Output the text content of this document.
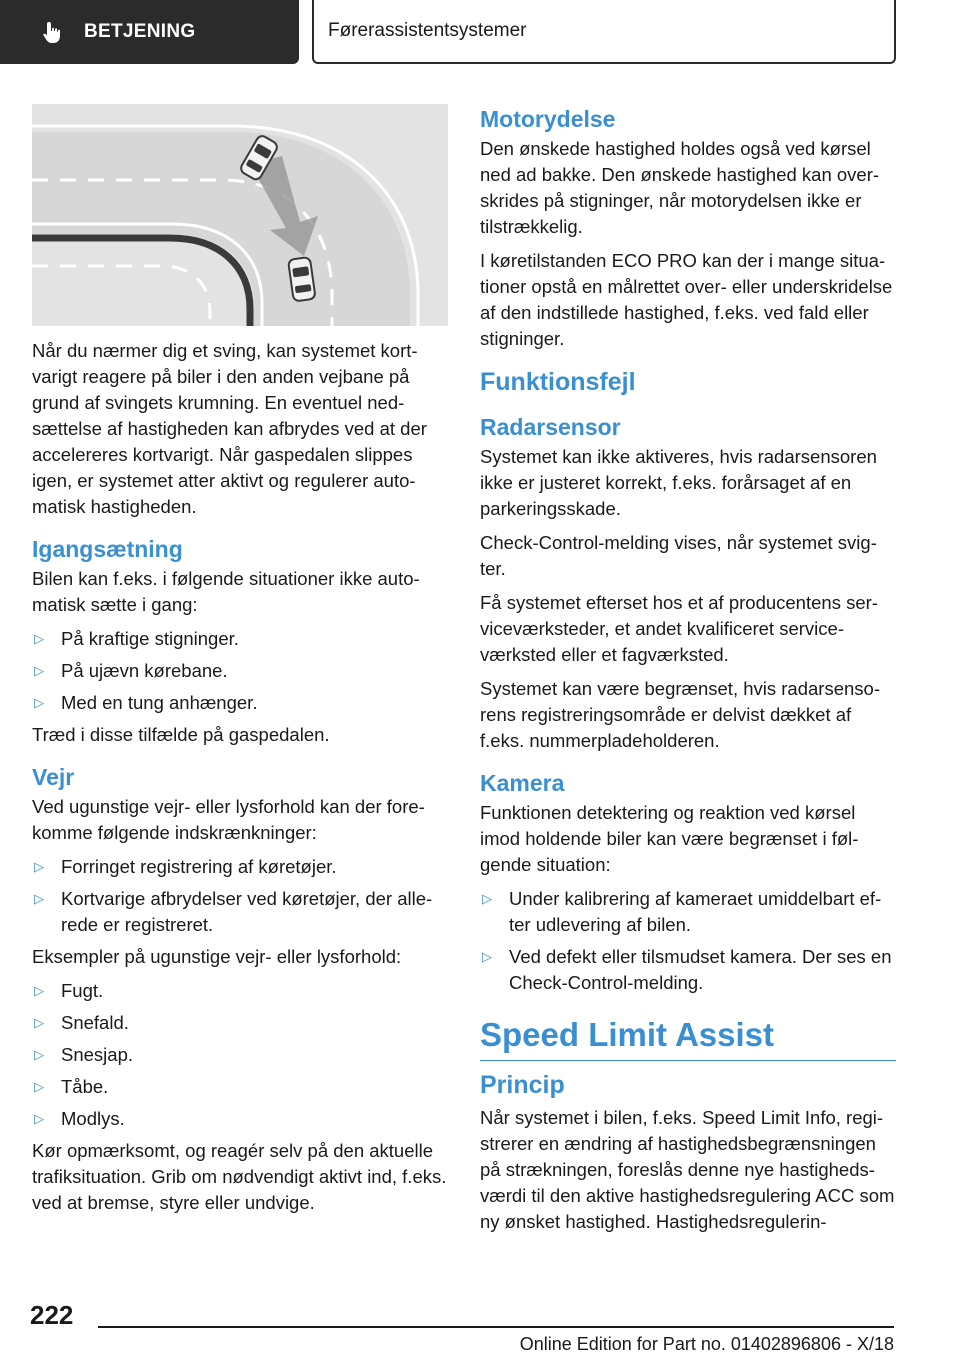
BETJENING	Førerassistentsystemer

Når du nærmer dig et sving, kan systemet kortvarigt reagere på biler i den anden vejbane på grund af svingets krumning. En eventuel nedsættelse af hastigheden kan afbrydes ved at der accelereres kortvarigt. Når gaspedalen slippes igen, er systemet atter aktivt og regulerer automatisk hastigheden.

Igangsætning

Bilen kan f.eks. i følgende situationer ikke automatisk sætte i gang:

▷ På kraftige stigninger.
▷ På ujævn kørebane.
▷ Med en tung anhænger.

Træd i disse tilfælde på gaspedalen.

Vejr

Ved ugunstige vejr- eller lysforhold kan der forekomme følgende indskrænkninger:

▷ Forringet registrering af køretøjer.
▷ Kortvarige afbrydelser ved køretøjer, der allerede er registreret.

Eksempler på ugunstige vejr- eller lysforhold:

▷ Fugt.
▷ Snefald.
▷ Snesjap.
▷ Tåbe.
▷ Modlys.

Kør opmærksomt, og reagér selv på den aktuelle trafiksituation. Grib om nødvendigt aktivt ind, f.eks. ved at bremse, styre eller undvige.

Motorydelse

Den ønskede hastighed holdes også ved kørsel ned ad bakke. Den ønskede hastighed kan overskrides på stigninger, når motorydelsen ikke er tilstrækkelig.

I køretilstanden ECO PRO kan der i mange situationer opstå en målrettet over- eller underskridelse af den indstillede hastighed, f.eks. ved fald eller stigninger.

Funktionsfejl
Radarsensor

Systemet kan ikke aktiveres, hvis radarsensoren ikke er justeret korrekt, f.eks. forårsaget af en parkeringsskade.

Check-Control-melding vises, når systemet svigter.

Få systemet efterset hos et af producentens serviceværksteder, et andet kvalificeret serviceværksted eller et fagværksted.

Systemet kan være begrænset, hvis radarsensorens registreringsområde er delvist dækket af f.eks. nummerpladeholderen.

Kamera

Funktionen detektering og reaktion ved kørsel imod holdende biler kan være begrænset i følgende situation:

▷ Under kalibrering af kameraet umiddelbart efter udlevering af bilen.
▷ Ved defekt eller tilsmudset kamera. Der ses en Check-Control-melding.
Speed Limit Assist
Princip

Når systemet i bilen, f.eks. Speed Limit Info, registrerer en ændring af hastighedsbegrænsningen på strækningen, foreslås denne nye hastighedsværdi til den aktive hastighedsregulering ACC som ny ønsket hastighed. Hastighedsregulerin-

222
Online Edition for Part no. 01402896806 - X/18
